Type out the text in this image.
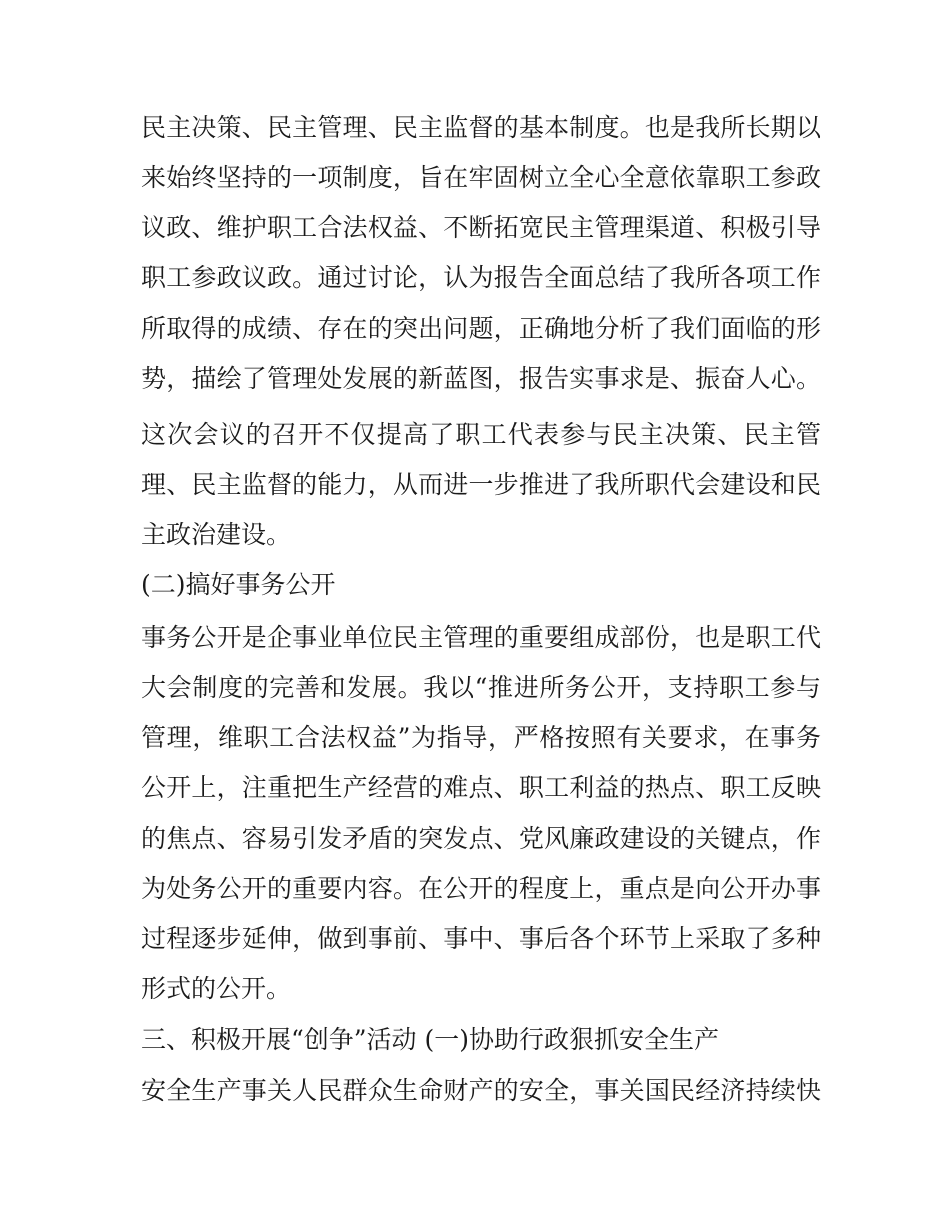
民主决策、民主管理、民主监督的基本制度。也是我所长期以
来始终坚持的一项制度，旨在牢固树立全心全意依靠职工参政
议政、维护职工合法权益、不断拓宽民主管理渠道、积极引导
职工参政议政。通过讨论，认为报告全面总结了我所各项工作
所取得的成绩、存在的突出问题，正确地分析了我们面临的形
势，描绘了管理处发展的新蓝图，报告实事求是、振奋人心。
这次会议的召开不仅提高了职工代表参与民主决策、民主管
理、民主监督的能力，从而进一步推进了我所职代会建设和民
主政治建设。
(二)搞好事务公开
事务公开是企事业单位民主管理的重要组成部份，也是职工代
大会制度的完善和发展。我以“推进所务公开，支持职工参与
管理，维职工合法权益”为指导，严格按照有关要求，在事务
公开上，注重把生产经营的难点、职工利益的热点、职工反映
的焦点、容易引发矛盾的突发点、党风廉政建设的关键点，作
为处务公开的重要内容。在公开的程度上，重点是向公开办事
过程逐步延伸，做到事前、事中、事后各个环节上采取了多种
形式的公开。
三、积极开展“创争”活动 (一)协助行政狠抓安全生产
安全生产事关人民群众生命财产的安全，事关国民经济持续快
